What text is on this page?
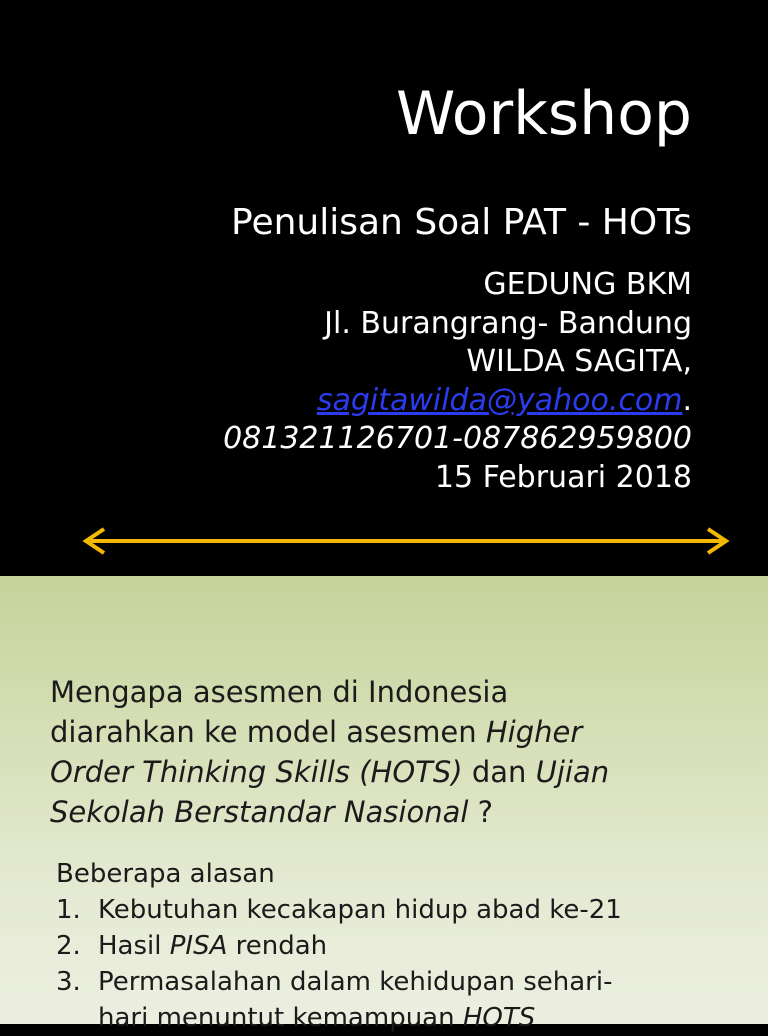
Workshop
Penulisan Soal PAT - HOTs
GEDUNG BKM
Jl. Burangrang- Bandung
WILDA SAGITA,
sagitawilda@yahoo.com.
081321126701-087862959800
15 Februari 2018
Mengapa asesmen di Indonesia
diarahkan ke model asesmen Higher
Order Thinking Skills (HOTS) dan Ujian
Sekolah Berstandar Nasional ?
Beberapa alasan
1. Kebutuhan kecakapan hidup abad ke-21
2. Hasil PISA rendah
3. Permasalahan dalam kehidupan sehari-
hari menuntut kemampuan HOTS
